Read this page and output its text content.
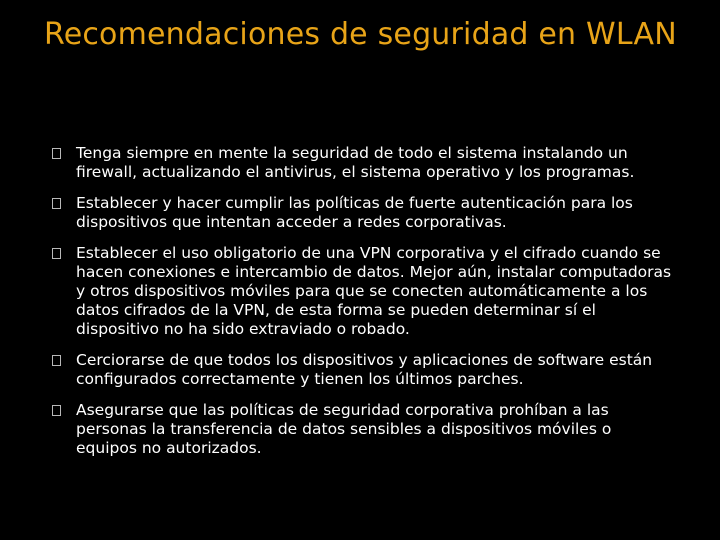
Recomendaciones de seguridad en WLAN
Tenga siempre en mente la seguridad de todo el sistema instalando un firewall, actualizando el antivirus, el sistema operativo y los programas.
Establecer y hacer cumplir las políticas de fuerte autenticación para los dispositivos que intentan acceder a redes corporativas.
Establecer el uso obligatorio de una VPN corporativa y el cifrado cuando se hacen conexiones e intercambio de datos. Mejor aún, instalar computadoras y otros dispositivos móviles para que se conecten automáticamente a los datos cifrados de la VPN, de esta forma se pueden determinar sí el dispositivo no ha sido extraviado o robado.
Cerciorarse de que todos los dispositivos y aplicaciones de software están configurados correctamente y tienen los últimos parches.
Asegurarse que las políticas de seguridad corporativa prohíban a las personas la transferencia de datos sensibles a dispositivos móviles o equipos no autorizados.
